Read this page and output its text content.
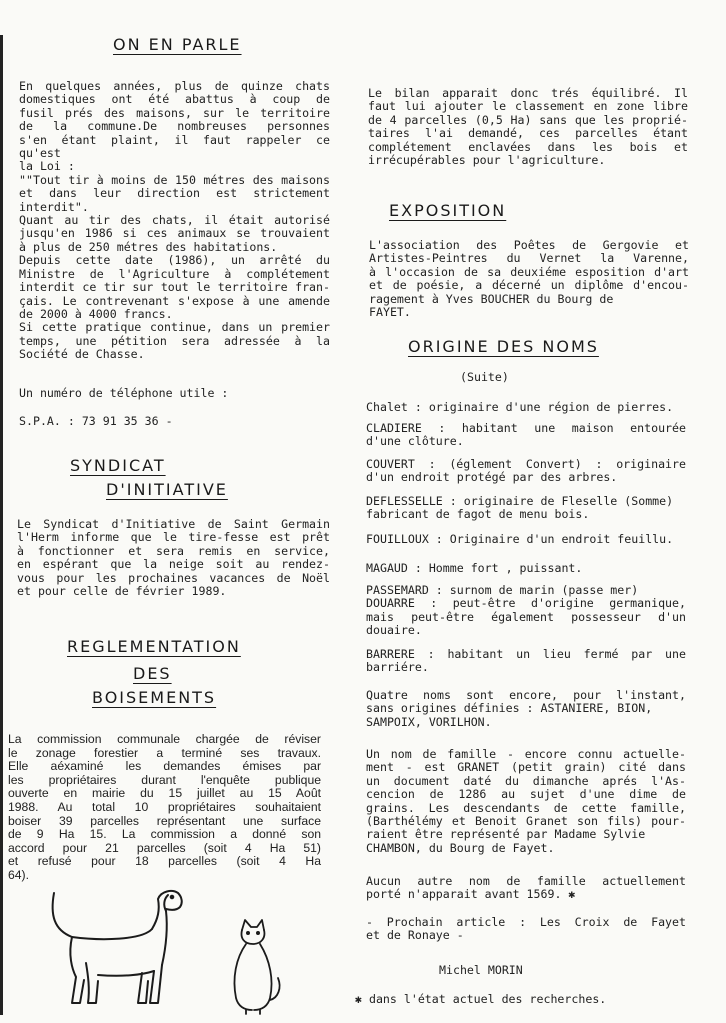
ON EN PARLE
En quelques années, plus de quinze chats
domestiques ont été abattus à coup de
fusil prés des maisons, sur le territoire
de la commune.De nombreuses personnes
s'en étant plaint, il faut rappeler ce qu'est
la Loi :
""Tout tir à moins de 150 métres des maisons
et dans leur direction est strictement
interdit".
Quant au tir des chats, il était autorisé
jusqu'en 1986 si ces animaux se trouvaient
à plus de 250 métres des habitations.
Depuis cette date (1986), un arrêté du
Ministre de l'Agriculture à complétement
interdit ce tir sur tout le territoire fran-
çais. Le contrevenant s'expose à une amende
de 2000 à 4000 francs.
Si cette pratique continue, dans un premier
temps, une pétition sera adressée à la
Société de Chasse.
Un numéro de téléphone utile :
S.P.A. : 73 91 35 36 -
SYNDICAT
D'INITIATIVE
Le Syndicat d'Initiative de Saint Germain
l'Herm informe que le tire-fesse est prêt
à fonctionner et sera remis en service,
en espérant que la neige soit au rendez-
vous pour les prochaines vacances de Noël
et pour celle de février 1989.
REGLEMENTATION
DES
BOISEMENTS
La commission communale chargée de réviser
le zonage forestier a terminé ses travaux.
Elle aéxaminé les demandes émises par
les propriétaires durant l'enquête publique
ouverte en mairie du 15 juillet au 15 Août
1988. Au total 10 propriétaires souhaitaient
boiser 39 parcelles représentant une surface
de 9 Ha 15. La commission a donné son
accord pour 21 parcelles (soit 4 Ha 51)
et refusé pour 18 parcelles (soit 4 Ha
64).
Le bilan apparait donc trés équilibré. Il
faut lui ajouter le classement en zone libre
de 4 parcelles (0,5 Ha) sans que les proprié-
taires l'ai demandé, ces parcelles étant
complétement enclavées dans les bois et
irrécupérables pour l'agriculture.
EXPOSITION
L'association des Poêtes de Gergovie et
Artistes-Peintres du Vernet la Varenne,
à l'occasion de sa deuxiéme esposition d'art
et de poésie, a décerné un diplôme d'encou-
ragement à Yves BOUCHER du Bourg de
FAYET.
ORIGINE DES NOMS
(Suite)
Chalet : originaire d'une région de pierres.
CLADIERE : habitant une maison entourée
d'une clôture.
COUVERT : (églement Convert) : originaire
d'un endroit protégé par des arbres.
DEFLESSELLE : originaire de Fleselle (Somme)
fabricant de fagot de menu bois.
FOUILLOUX : Originaire d'un endroit feuillu.
MAGAUD : Homme fort , puissant.
PASSEMARD : surnom de marin (passe mer)
DOUARRE : peut-être d'origine germanique,
mais peut-être également possesseur d'un
douaire.
BARRERE : habitant un lieu fermé par une
barriére.
Quatre noms sont encore, pour l'instant,
sans origines définies : ASTANIERE, BION,
SAMPOIX, VORILHON.
Un nom de famille - encore connu actuelle-
ment - est GRANET (petit grain) cité dans
un document daté du dimanche aprés l'As-
cencion de 1286 au sujet d'une dime de
grains. Les descendants de cette famille,
(Barthélémy et Benoit Granet son fils) pour-
raient être représenté par Madame Sylvie
CHAMBON, du Bourg de Fayet.
Aucun autre nom de famille actuellement
porté n'apparait avant 1569. ✱
- Prochain article : Les Croix de Fayet
et de Ronaye -
Michel MORIN
✱ dans l'état actuel des recherches.
